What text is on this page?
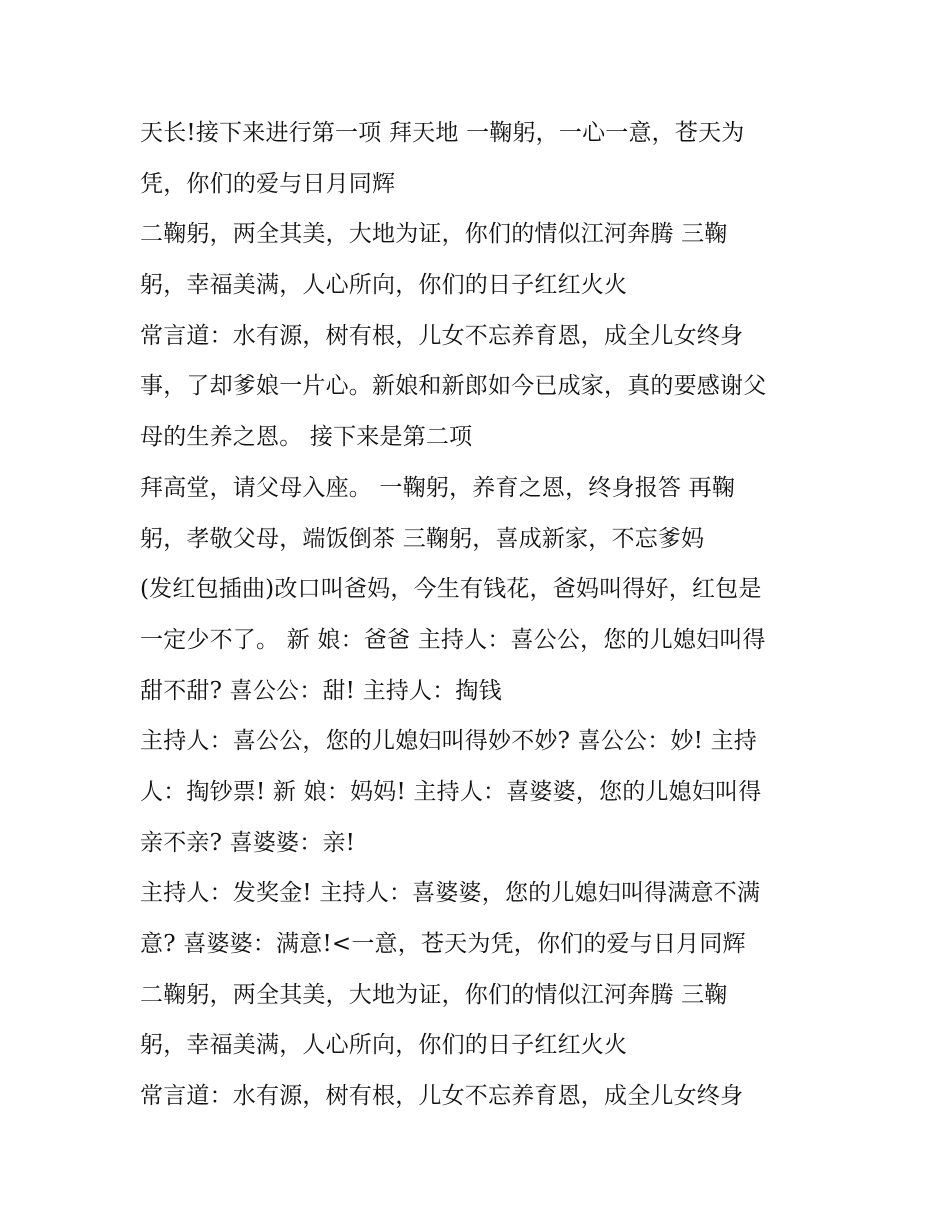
天长!接下来进行第一项 拜天地 一鞠躬，一心一意，苍天为
凭，你们的爱与日月同辉
二鞠躬，两全其美，大地为证，你们的情似江河奔腾 三鞠
躬，幸福美满，人心所向，你们的日子红红火火
常言道：水有源，树有根，儿女不忘养育恩，成全儿女终身
事，了却爹娘一片心。新娘和新郎如今已成家，真的要感谢父
母的生养之恩。 接下来是第二项
拜高堂，请父母入座。 一鞠躬，养育之恩，终身报答 再鞠
躬，孝敬父母，端饭倒茶 三鞠躬，喜成新家，不忘爹妈
(发红包插曲)改口叫爸妈，今生有钱花，爸妈叫得好，红包是
一定少不了。 新 娘：爸爸 主持人：喜公公，您的儿媳妇叫得
甜不甜? 喜公公：甜! 主持人：掏钱
主持人：喜公公，您的儿媳妇叫得妙不妙? 喜公公：妙! 主持
人：掏钞票! 新 娘：妈妈! 主持人：喜婆婆，您的儿媳妇叫得
亲不亲? 喜婆婆：亲!
主持人：发奖金! 主持人：喜婆婆，您的儿媳妇叫得满意不满
意? 喜婆婆：满意!<一意，苍天为凭，你们的爱与日月同辉
二鞠躬，两全其美，大地为证，你们的情似江河奔腾 三鞠
躬，幸福美满，人心所向，你们的日子红红火火
常言道：水有源，树有根，儿女不忘养育恩，成全儿女终身
